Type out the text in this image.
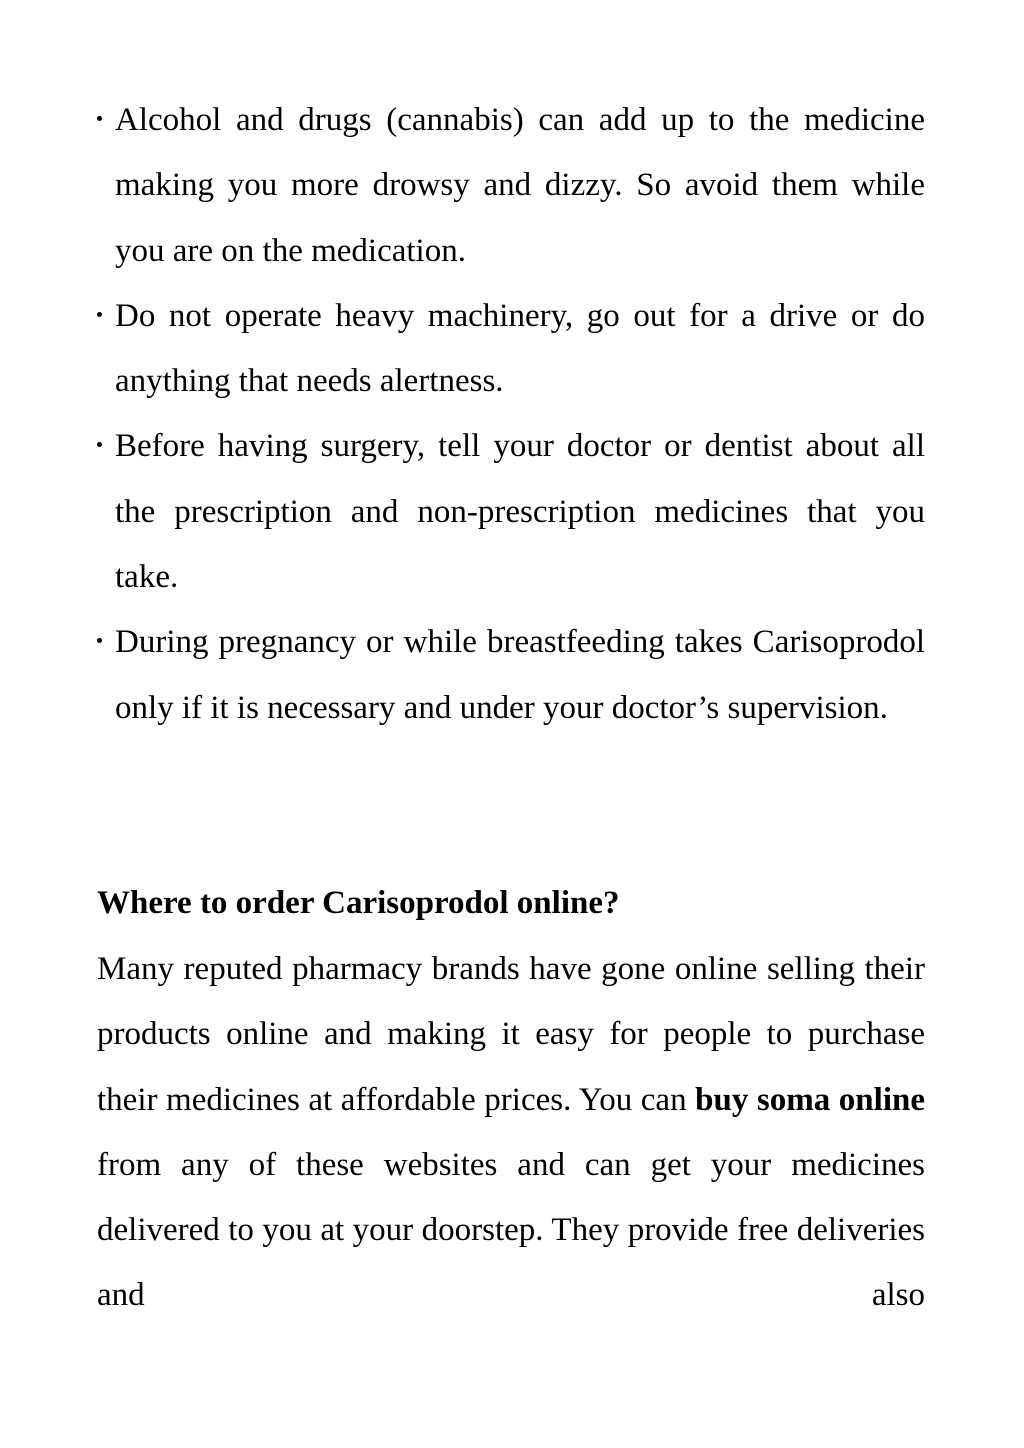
Alcohol and drugs (cannabis) can add up to the medicine making you more drowsy and dizzy. So avoid them while you are on the medication.
Do not operate heavy machinery, go out for a drive or do anything that needs alertness.
Before having surgery, tell your doctor or dentist about all the prescription and non-prescription medicines that you take.
During pregnancy or while breastfeeding takes Carisoprodol only if it is necessary and under your doctor’s supervision.
Where to order Carisoprodol online?

Many reputed pharmacy brands have gone online selling their products online and making it easy for people to purchase their medicines at affordable prices. You can buy soma online from any of these websites and can get your medicines delivered to you at your doorstep. They provide free deliveries and also
